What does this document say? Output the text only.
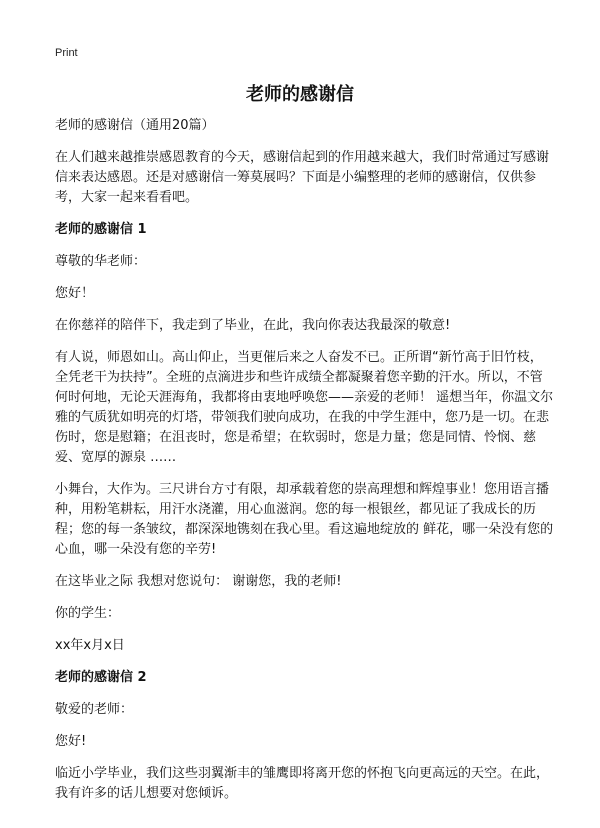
Print
老师的感谢信

老师的感谢信（通用20篇）

在人们越来越推崇感恩教育的今天，感谢信起到的作用越来越大，我们时常通过写感谢信来表达感恩。还是对感谢信一筹莫展吗？下面是小编整理的老师的感谢信，仅供参考，大家一起来看看吧。

老师的感谢信 1

尊敬的华老师：

您好！

在你慈祥的陪伴下，我走到了毕业，在此，我向你表达我最深的敬意!

有人说，师恩如山。高山仰止，当更催后来之人奋发不已。正所谓“新竹高于旧竹枝，全凭老干为扶持”。全班的点滴进步和些许成绩全都凝聚着您辛勤的汗水。所以，不管何时何地，无论天涯海角，我都将由衷地呼唤您——亲爱的老师！ 遥想当年，你温文尔雅的气质犹如明亮的灯塔，带领我们驶向成功，在我的中学生涯中，您乃是一切。在悲伤时，您是慰籍；在沮丧时，您是希望；在软弱时，您是力量；您是同情、怜悯、慈爱、宽厚的源泉 ……

小舞台，大作为。三尺讲台方寸有限，却承载着您的崇高理想和辉煌事业！您用语言播种，用粉笔耕耘，用汗水浇灌，用心血滋润。您的每一根银丝，都见证了我成长的历程；您的每一条皱纹，都深深地镌刻在我心里。看这遍地绽放的 鲜花，哪一朵没有您的心血，哪一朵没有您的辛劳!

在这毕业之际 我想对您说句： 谢谢您，我的老师!

你的学生：

xx年x月x日

老师的感谢信 2

敬爱的老师：

您好!

临近小学毕业，我们这些羽翼渐丰的雏鹰即将离开您的怀抱飞向更高远的天空。在此，我有许多的话儿想要对您倾诉。
